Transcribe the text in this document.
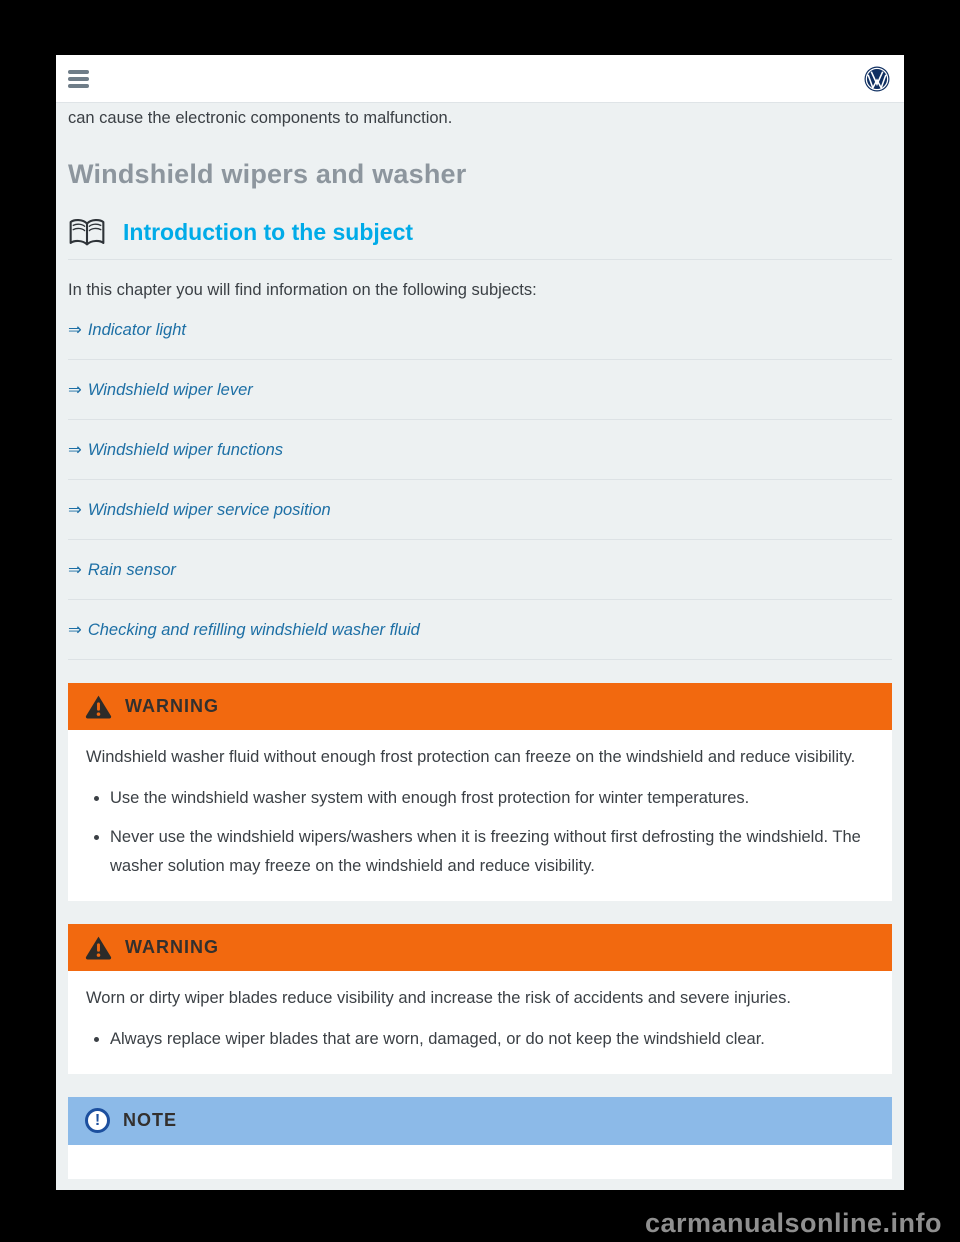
can cause the electronic components to malfunction.

Windshield wipers and washer
Introduction to the subject

In this chapter you will find information on the following subjects:

⇒ Indicator light
⇒ Windshield wiper lever
⇒ Windshield wiper functions
⇒ Windshield wiper service position
⇒ Rain sensor
⇒ Checking and refilling windshield washer fluid
WARNING

Windshield washer fluid without enough frost protection can freeze on the windshield and reduce visibility.

• Use the windshield washer system with enough frost protection for winter temperatures.
• Never use the windshield wipers/washers when it is freezing without first defrosting the windshield. The washer solution may freeze on the windshield and reduce visibility.
WARNING

Worn or dirty wiper blades reduce visibility and increase the risk of accidents and severe injuries.

• Always replace wiper blades that are worn, damaged, or do not keep the windshield clear.
!	NOTE
carmanualsonline.info
